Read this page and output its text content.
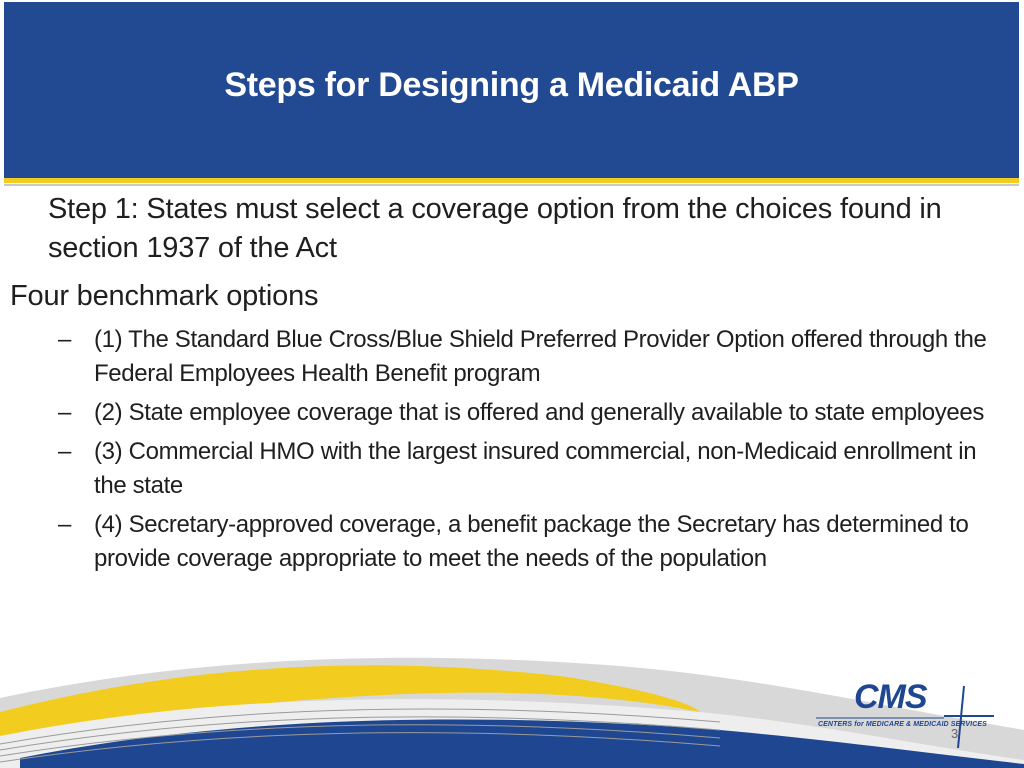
Steps for Designing a Medicaid ABP
Step 1: States must select a coverage option from the choices found in section 1937 of the Act
Four benchmark options
– (1) The Standard Blue Cross/Blue Shield Preferred Provider Option offered through the Federal Employees Health Benefit program
– (2) State employee coverage that is offered and generally available to state employees
– (3) Commercial HMO with the largest insured commercial, non-Medicaid enrollment in the state
– (4) Secretary-approved coverage, a benefit package the Secretary has determined to provide coverage appropriate to meet the needs of the population
CMS
CENTERS for MEDICARE & MEDICAID SERVICES
3
